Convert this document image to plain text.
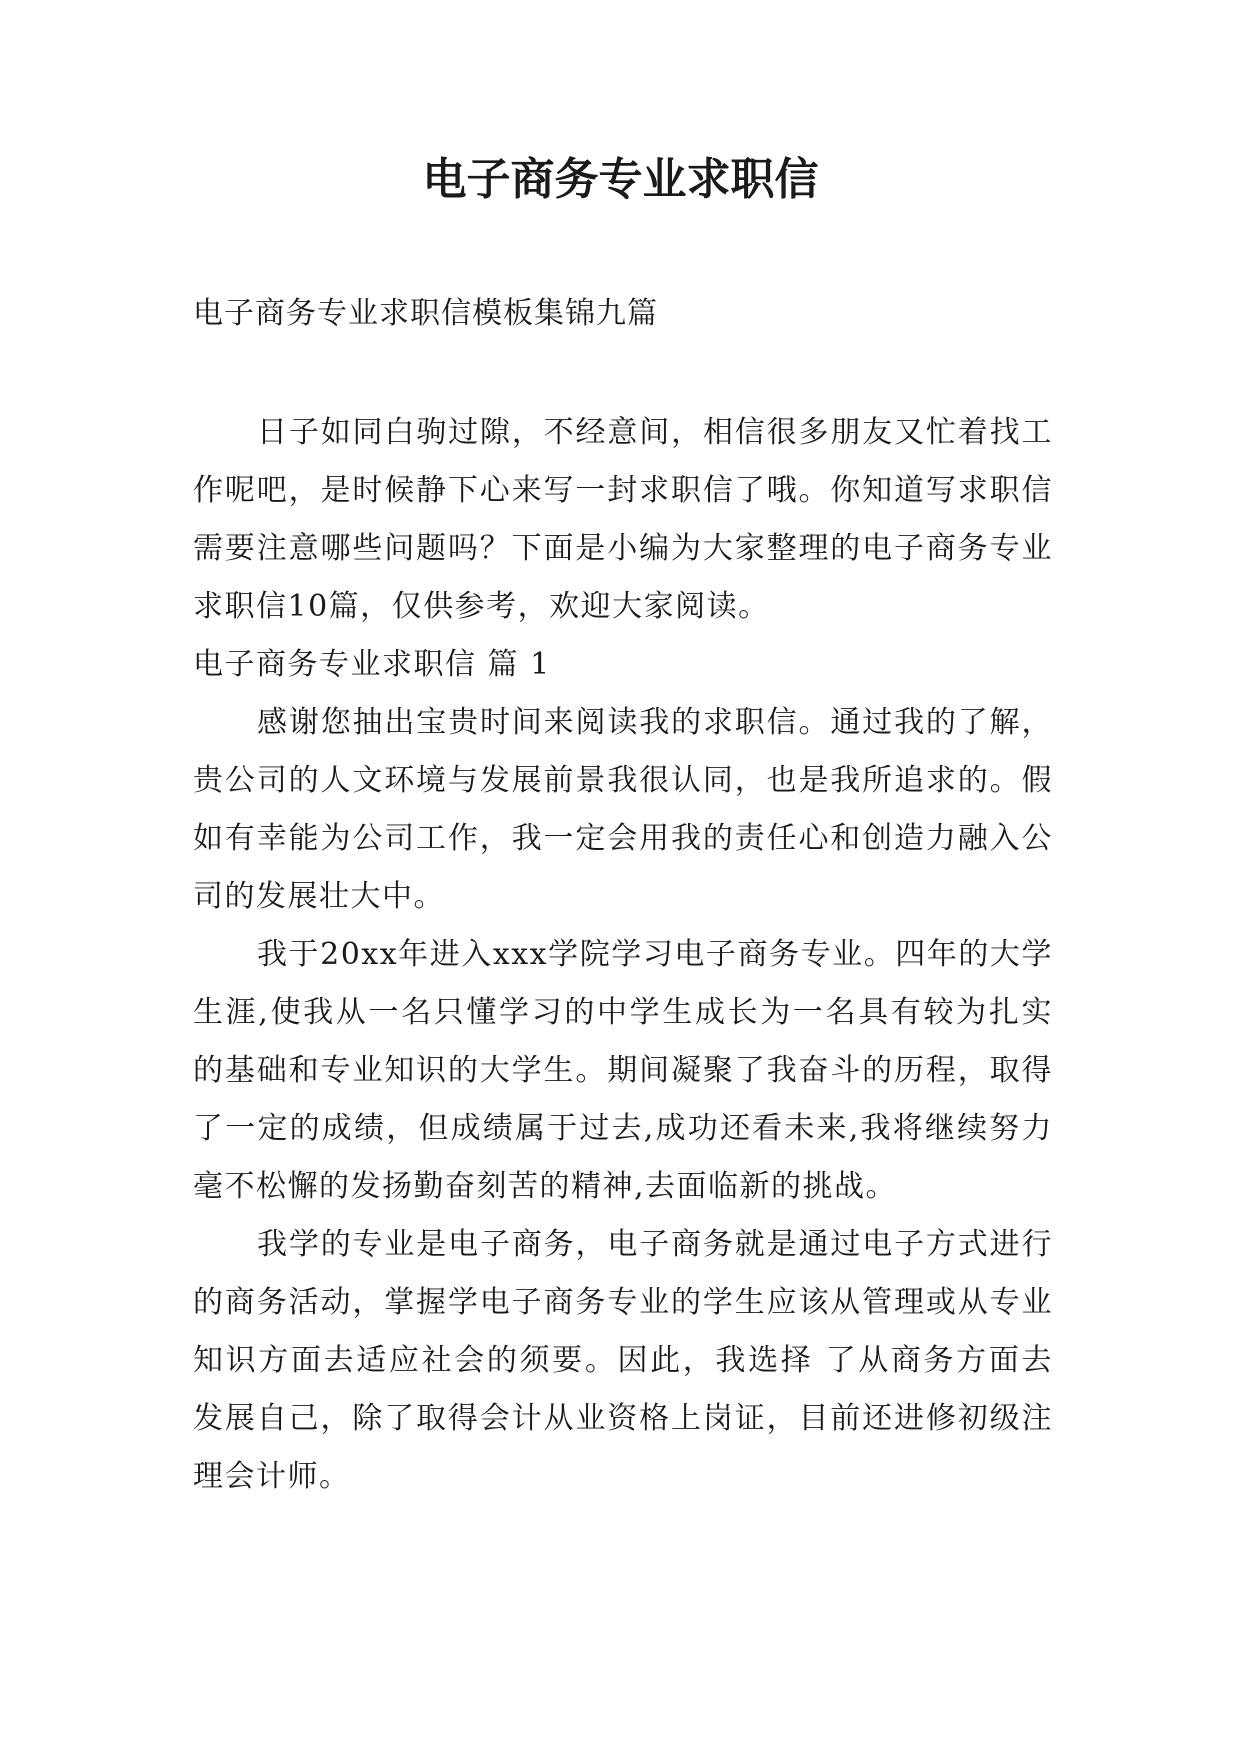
电子商务专业求职信

电子商务专业求职信模板集锦九篇

日子如同白驹过隙，不经意间，相信很多朋友又忙着找工作呢吧，是时候静下心来写一封求职信了哦。你知道写求职信需要注意哪些问题吗？下面是小编为大家整理的电子商务专业求职信10篇，仅供参考，欢迎大家阅读。

电子商务专业求职信 篇 1

感谢您抽出宝贵时间来阅读我的求职信。通过我的了解，贵公司的人文环境与发展前景我很认同，也是我所追求的。假如有幸能为公司工作，我一定会用我的责任心和创造力融入公司的发展壮大中。

我于20xx年进入xxx学院学习电子商务专业。四年的大学生涯,使我从一名只懂学习的中学生成长为一名具有较为扎实的基础和专业知识的大学生。期间凝聚了我奋斗的历程，取得了一定的成绩，但成绩属于过去,成功还看未来,我将继续努力毫不松懈的发扬勤奋刻苦的精神,去面临新的挑战。

我学的专业是电子商务，电子商务就是通过电子方式进行的商务活动，掌握学电子商务专业的学生应该从管理或从专业知识方面去适应社会的须要。因此，我选择 了从商务方面去发展自己，除了取得会计从业资格上岗证，目前还进修初级注理会计师。
